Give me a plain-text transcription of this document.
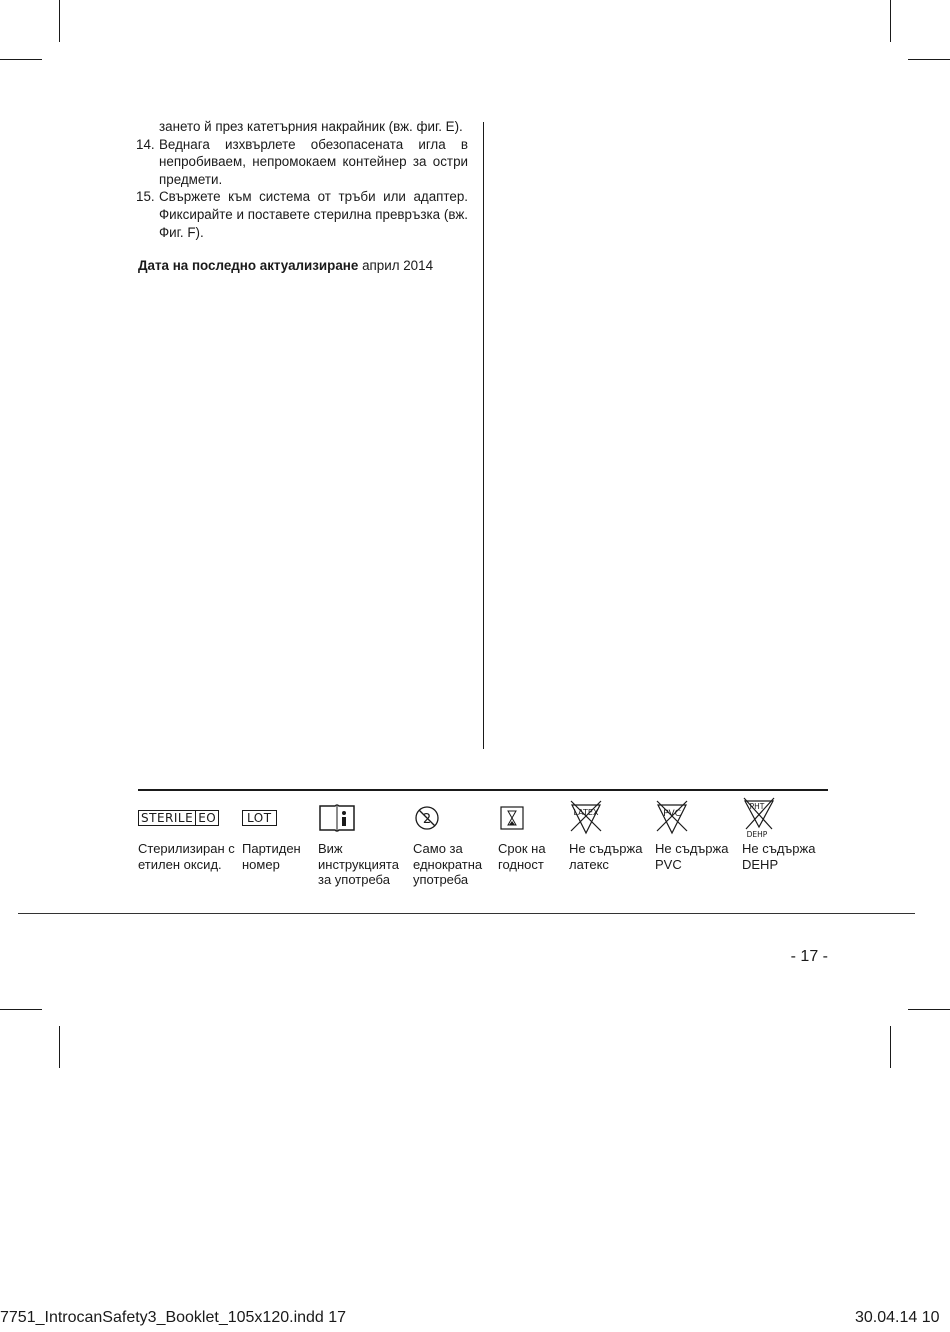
зането й през катетърния накрайник (вж. фиг. E).

14. Веднага изхвърлете обезопасената игла в непробиваем, непромокаем контейнер за остри предмети.

15. Свържете към система от тръби или адаптер. Фиксирайте и поставете стерилна превръзка (вж. Фиг. F).

Дата на последно актуализиране април 2014

STERILE EO
Стерилизиран с етилен оксид.
LOT
Партиден номер
Виж инструкцията за употреба
2
Само за еднократна употреба
Срок на годност
LATEX
Не съдържа латекс
PVC
Не съдържа PVC
PHT
DEHP
Не съдържа DEHP
- 17 -
7751_IntrocanSafety3_Booklet_105x120.indd 17	30.04.14 10
